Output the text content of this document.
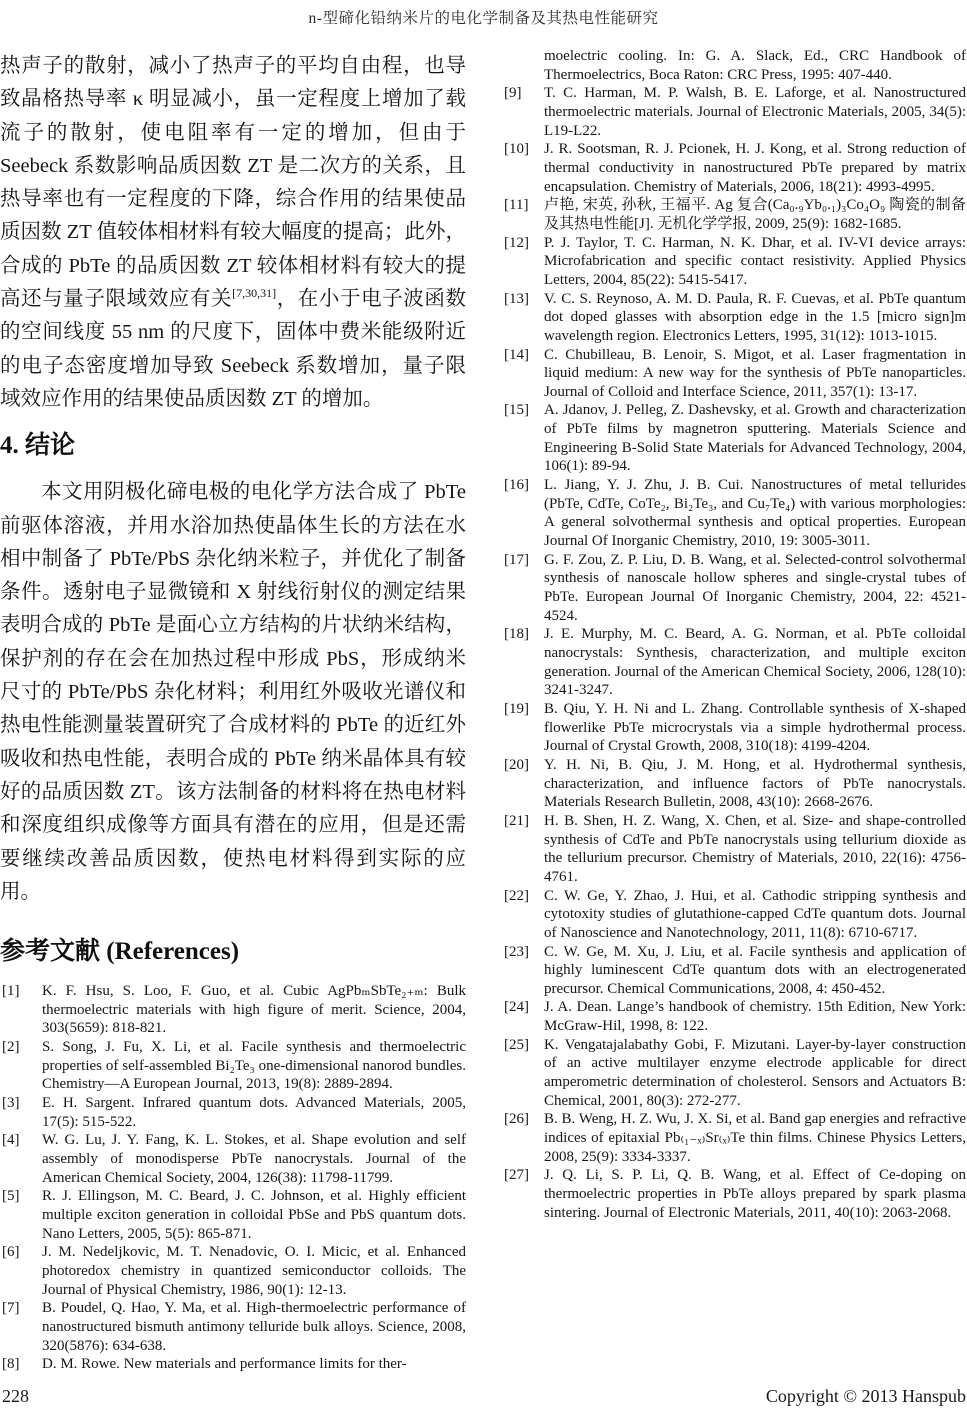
n-型碲化铅纳米片的电化学制备及其热电性能研究

热声子的散射，减小了热声子的平均自由程，也导致晶格热导率 κ 明显减小，虽一定程度上增加了载流子的散射，使电阻率有一定的增加，但由于 Seebeck 系数影响品质因数 ZT 是二次方的关系，且热导率也有一定程度的下降，综合作用的结果使品质因数 ZT 值较体相材料有较大幅度的提高；此外，合成的 PbTe 的品质因数 ZT 较体相材料有较大的提高还与量子限域效应有关[7,30,31]，在小于电子波函数的空间线度 55 nm 的尺度下，固体中费米能级附近的电子态密度增加导致 Seebeck 系数增加，量子限域效应作用的结果使品质因数 ZT 的增加。

4. 结论

本文用阴极化碲电极的电化学方法合成了 PbTe 前驱体溶液，并用水浴加热使晶体生长的方法在水相中制备了 PbTe/PbS 杂化纳米粒子，并优化了制备条件。透射电子显微镜和 X 射线衍射仪的测定结果表明合成的 PbTe 是面心立方结构的片状纳米结构，保护剂的存在会在加热过程中形成 PbS，形成纳米尺寸的 PbTe/PbS 杂化材料；利用红外吸收光谱仪和热电性能测量装置研究了合成材料的 PbTe 的近红外吸收和热电性能，表明合成的 PbTe 纳米晶体具有较好的品质因数 ZT。该方法制备的材料将在热电材料和深度组织成像等方面具有潜在的应用，但是还需要继续改善品质因数，使热电材料得到实际的应用。

参考文献 (References)
[1] K. F. Hsu, S. Loo, F. Guo, et al. Cubic AgPbₘSbTe₂₊ₘ: Bulk thermoelectric materials with high figure of merit. Science, 2004, 303(5659): 818-821.
[2] S. Song, J. Fu, X. Li, et al. Facile synthesis and thermoelectric properties of self-assembled Bi₂Te₃ one-dimensional nanorod bundles. Chemistry—A European Journal, 2013, 19(8): 2889-2894.
[3] E. H. Sargent. Infrared quantum dots. Advanced Materials, 2005, 17(5): 515-522.
[4] W. G. Lu, J. Y. Fang, K. L. Stokes, et al. Shape evolution and self assembly of monodisperse PbTe nanocrystals. Journal of the American Chemical Society, 2004, 126(38): 11798-11799.
[5] R. J. Ellingson, M. C. Beard, J. C. Johnson, et al. Highly efficient multiple exciton generation in colloidal PbSe and PbS quantum dots. Nano Letters, 2005, 5(5): 865-871.
[6] J. M. Nedeljkovic, M. T. Nenadovic, O. I. Micic, et al. Enhanced photoredox chemistry in quantized semiconductor colloids. The Journal of Physical Chemistry, 1986, 90(1): 12-13.
[7] B. Poudel, Q. Hao, Y. Ma, et al. High-thermoelectric performance of nanostructured bismuth antimony telluride bulk alloys. Science, 2008, 320(5876): 634-638.
[8] D. M. Rowe. New materials and performance limits for ther-

moelectric cooling. In: G. A. Slack, Ed., CRC Handbook of Thermoelectrics, Boca Raton: CRC Press, 1995: 407-440.

[9] T. C. Harman, M. P. Walsh, B. E. Laforge, et al. Nanostructured thermoelectric materials. Journal of Electronic Materials, 2005, 34(5): L19-L22.
[10] J. R. Sootsman, R. J. Pcionek, H. J. Kong, et al. Strong reduction of thermal conductivity in nanostructured PbTe prepared by matrix encapsulation. Chemistry of Materials, 2006, 18(21): 4993-4995.
[11] 卢艳, 宋英, 孙秋, 王福平. Ag 复合(Ca₀.₉Yb₀.₁)₃Co₄O₉ 陶瓷的制备及其热电性能[J]. 无机化学学报, 2009, 25(9): 1682-1685.
[12] P. J. Taylor, T. C. Harman, N. K. Dhar, et al. IV-VI device arrays: Microfabrication and specific contact resistivity. Applied Physics Letters, 2004, 85(22): 5415-5417.
[13] V. C. S. Reynoso, A. M. D. Paula, R. F. Cuevas, et al. PbTe quantum dot doped glasses with absorption edge in the 1.5 [micro sign]m wavelength region. Electronics Letters, 1995, 31(12): 1013-1015.
[14] C. Chubilleau, B. Lenoir, S. Migot, et al. Laser fragmentation in liquid medium: A new way for the synthesis of PbTe nanoparticles. Journal of Colloid and Interface Science, 2011, 357(1): 13-17.
[15] A. Jdanov, J. Pelleg, Z. Dashevsky, et al. Growth and characterization of PbTe films by magnetron sputtering. Materials Science and Engineering B-Solid State Materials for Advanced Technology, 2004, 106(1): 89-94.
[16] L. Jiang, Y. J. Zhu, J. B. Cui. Nanostructures of metal tellurides (PbTe, CdTe, CoTe₂, Bi₂Te₃, and Cu₇Te₄) with various morphologies: A general solvothermal synthesis and optical properties. European Journal Of Inorganic Chemistry, 2010, 19: 3005-3011.
[17] G. F. Zou, Z. P. Liu, D. B. Wang, et al. Selected-control solvothermal synthesis of nanoscale hollow spheres and single-crystal tubes of PbTe. European Journal Of Inorganic Chemistry, 2004, 22: 4521-4524.
[18] J. E. Murphy, M. C. Beard, A. G. Norman, et al. PbTe colloidal nanocrystals: Synthesis, characterization, and multiple exciton generation. Journal of the American Chemical Society, 2006, 128(10): 3241-3247.
[19] B. Qiu, Y. H. Ni and L. Zhang. Controllable synthesis of X-shaped flowerlike PbTe microcrystals via a simple hydrothermal process. Journal of Crystal Growth, 2008, 310(18): 4199-4204.
[20] Y. H. Ni, B. Qiu, J. M. Hong, et al. Hydrothermal synthesis, characterization, and influence factors of PbTe nanocrystals. Materials Research Bulletin, 2008, 43(10): 2668-2676.
[21] H. B. Shen, H. Z. Wang, X. Chen, et al. Size- and shape-controlled synthesis of CdTe and PbTe nanocrystals using tellurium dioxide as the tellurium precursor. Chemistry of Materials, 2010, 22(16): 4756-4761.
[22] C. W. Ge, Y. Zhao, J. Hui, et al. Cathodic stripping synthesis and cytotoxity studies of glutathione-capped CdTe quantum dots. Journal of Nanoscience and Nanotechnology, 2011, 11(8): 6710-6717.
[23] C. W. Ge, M. Xu, J. Liu, et al. Facile synthesis and application of highly luminescent CdTe quantum dots with an electrogenerated precursor. Chemical Communications, 2008, 4: 450-452.
[24] J. A. Dean. Lange’s handbook of chemistry. 15th Edition, New York: McGraw-Hil, 1998, 8: 122.
[25] K. Vengatajalabathy Gobi, F. Mizutani. Layer-by-layer construction of an active multilayer enzyme electrode applicable for direct amperometric determination of cholesterol. Sensors and Actuators B: Chemical, 2001, 80(3): 272-277.
[26] B. B. Weng, H. Z. Wu, J. X. Si, et al. Band gap energies and refractive indices of epitaxial Pb₍₁₋ₓ₎Sr₍ₓ₎Te thin films. Chinese Physics Letters, 2008, 25(9): 3334-3337.
[27] J. Q. Li, S. P. Li, Q. B. Wang, et al. Effect of Ce-doping on thermoelectric properties in PbTe alloys prepared by spark plasma sintering. Journal of Electronic Materials, 2011, 40(10): 2063-2068.
228	Copyright © 2013 Hanspub
